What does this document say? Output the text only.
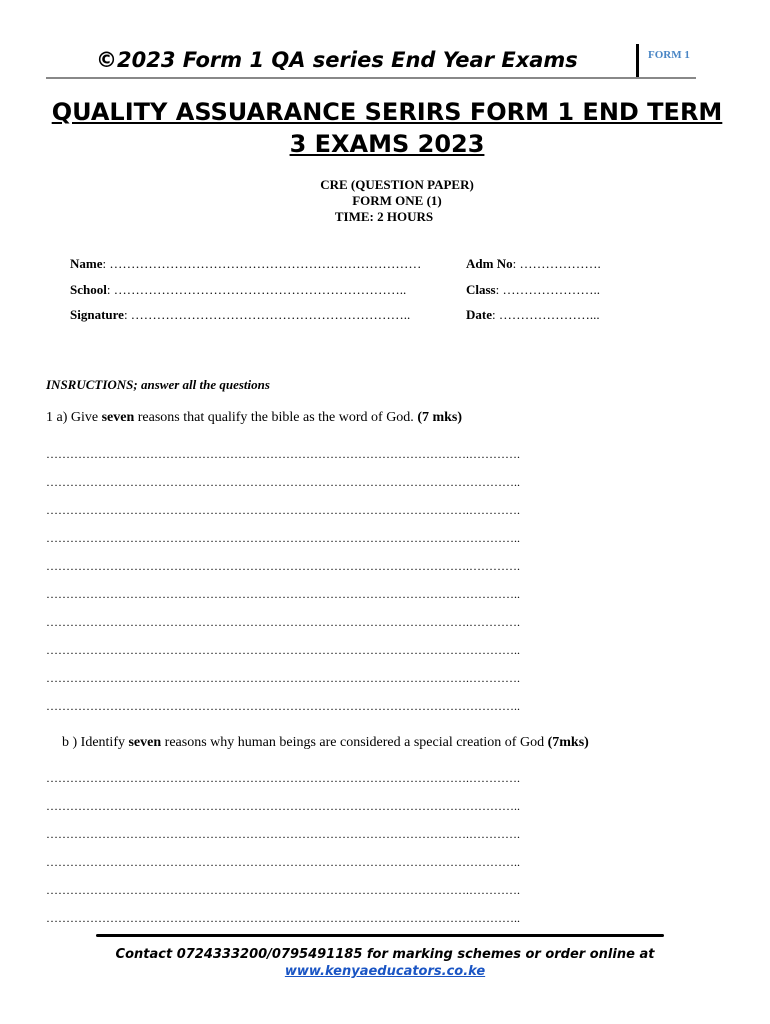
©2023 Form 1 QA series End Year Exams	FORM 1
QUALITY ASSUARANCE SERIRS FORM 1 END TERM 3 EXAMS 2023
CRE (QUESTION PAPER)
FORM ONE (1)
TIME: 2 HOURS
Name: ………………………………………………………………	Adm No: ……………….
School: …………………………………………………………..	Class: …………………..
Signature: ………………………………………………………..	Date: …………………...
INSRUCTIONS; answer all the questions
1 a) Give seven reasons that qualify the bible as the word of God. (7 mks)
…………………………………………………………………………………………….………….
………………………………………………………………………………………………………..
…………………………………………………………………………………………….………….
………………………………………………………………………………………………………..
…………………………………………………………………………………………….………….
………………………………………………………………………………………………………..
…………………………………………………………………………………………….………….
………………………………………………………………………………………………………..
…………………………………………………………………………………………….………….
………………………………………………………………………………………………………..
b ) Identify seven reasons why human beings are considered a special creation of God (7mks)
…………………………………………………………………………………………….………….
………………………………………………………………………………………………………..
…………………………………………………………………………………………….………….
………………………………………………………………………………………………………..
…………………………………………………………………………………………….………….
………………………………………………………………………………………………………..
Contact 0724333200/0795491185 for marking schemes or order online at
www.kenyaeducators.co.ke
